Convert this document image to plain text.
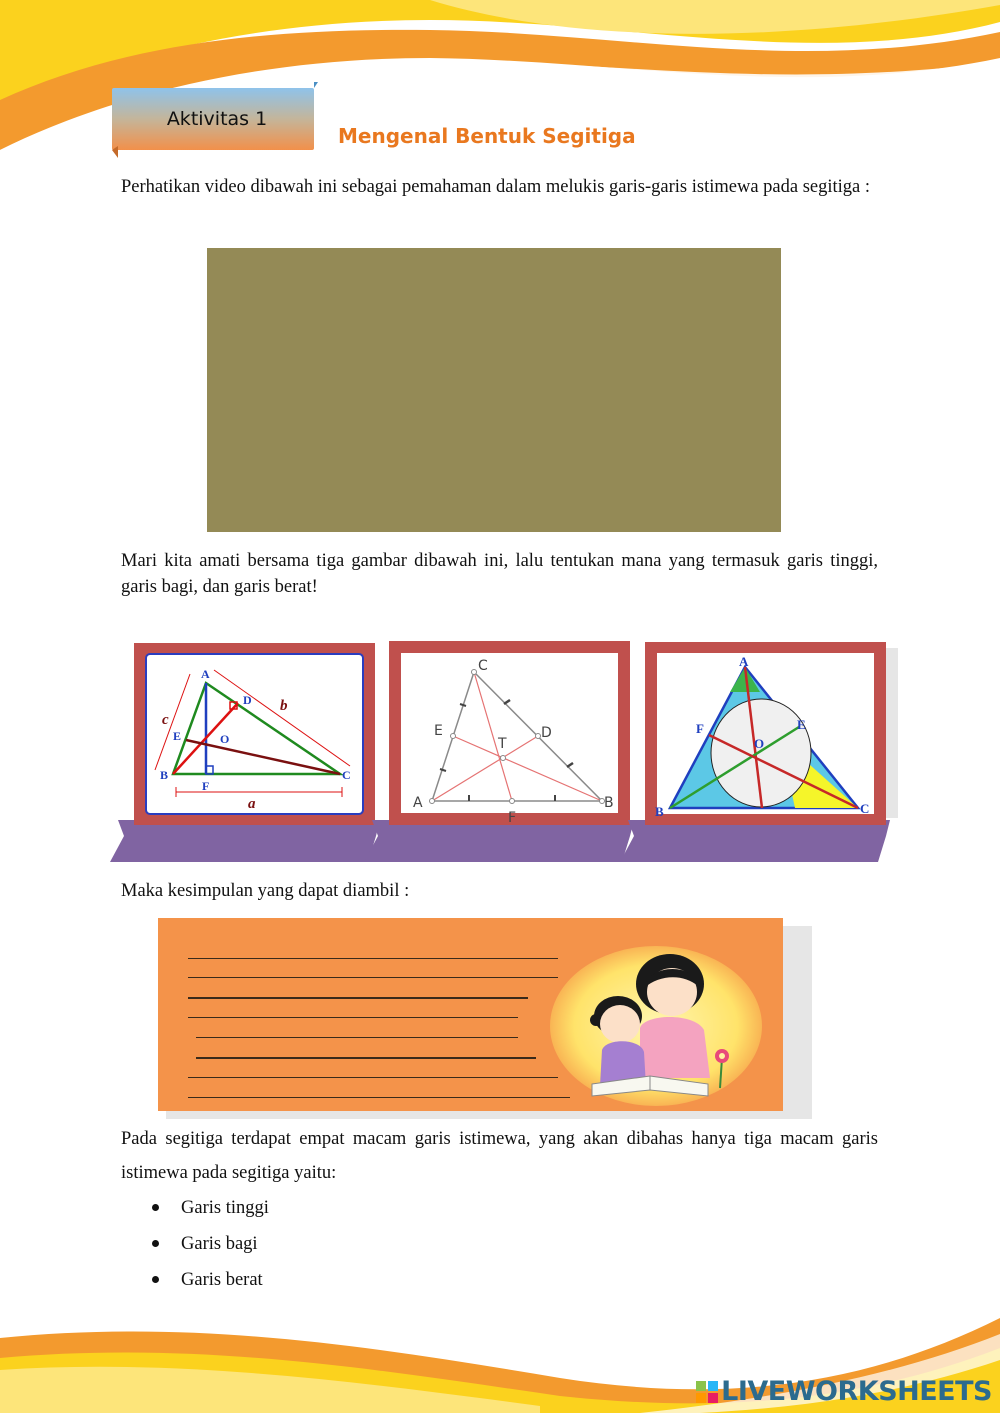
Aktivitas 1
Mengenal Bentuk Segitiga
Perhatikan video dibawah ini sebagai pemahaman dalam melukis garis-garis istimewa pada segitiga :
Mari kita amati bersama tiga gambar dibawah ini, lalu tentukan mana yang termasuk garis tinggi, garis bagi, dan garis berat!
A
B	C
D
E
F
O
a
b
c
C
A	B
D
E
F
T
A
B	C
E
F
O
Maka kesimpulan yang dapat diambil :
Pada segitiga terdapat empat macam garis istimewa, yang akan dibahas hanya tiga macam garis istimewa pada segitiga yaitu:
Garis tinggi
Garis bagi
Garis berat
LIVEWORKSHEETS
